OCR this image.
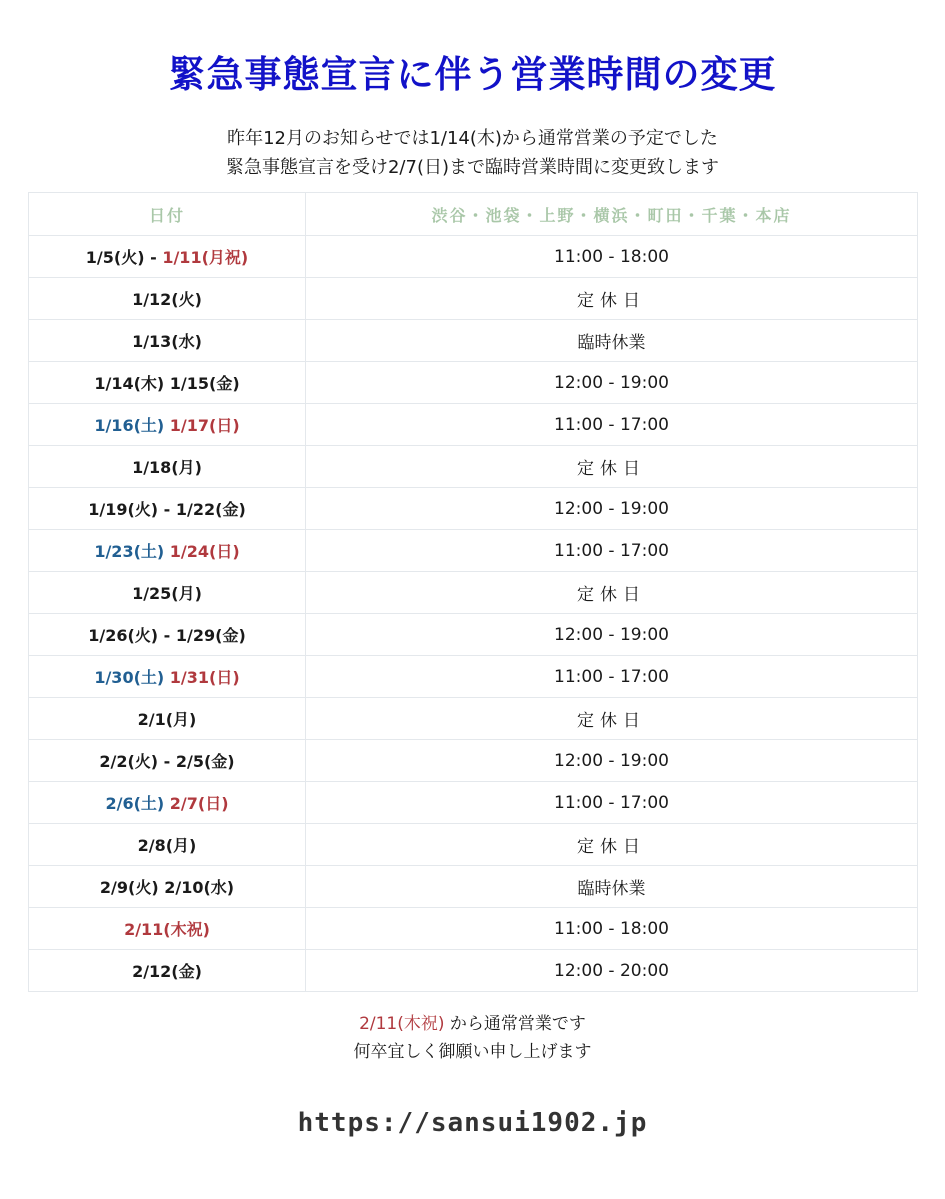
緊急事態宣言に伴う営業時間の変更
昨年12月のお知らせでは1/14(木)から通常営業の予定でした
緊急事態宣言を受け2/7(日)まで臨時営業時間に変更致します
日付	渋谷・池袋・上野・横浜・町田・千葉・本店
1/5(火) - 1/11(月祝)	11:00 - 18:00
1/12(火)	定休日
1/13(水)	臨時休業
1/14(木) 1/15(金)	12:00 - 19:00
1/16(土) 1/17(日)	11:00 - 17:00
1/18(月)	定休日
1/19(火) - 1/22(金)	12:00 - 19:00
1/23(土) 1/24(日)	11:00 - 17:00
1/25(月)	定休日
1/26(火) - 1/29(金)	12:00 - 19:00
1/30(土) 1/31(日)	11:00 - 17:00
2/1(月)	定休日
2/2(火) - 2/5(金)	12:00 - 19:00
2/6(土) 2/7(日)	11:00 - 17:00
2/8(月)	定休日
2/9(火) 2/10(水)	臨時休業
2/11(木祝)	11:00 - 18:00
2/12(金)	12:00 - 20:00
2/11(木祝) から通常営業です
何卒宜しく御願い申し上げます
https://sansui1902.jp
